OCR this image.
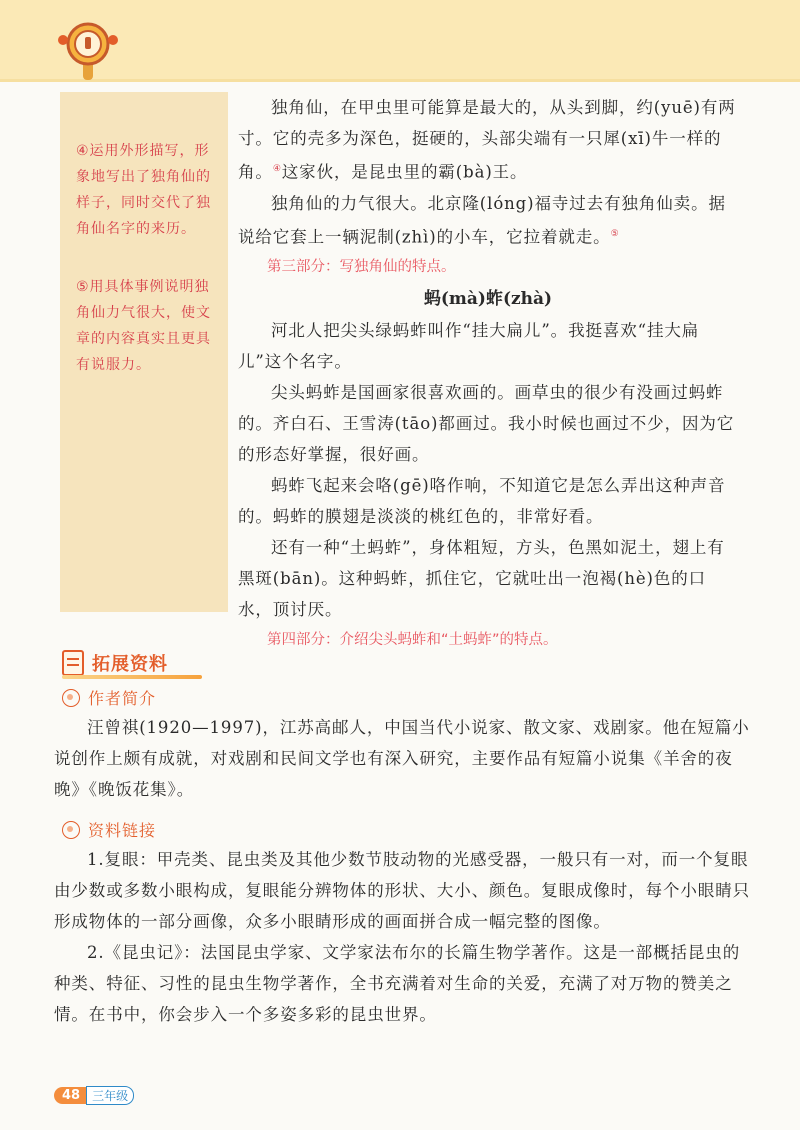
④运用外形描写，形象地写出了独角仙的样子，同时交代了独角仙名字的来历。
⑤用具体事例说明独角仙力气很大，使文章的内容真实且更具有说服力。

独角仙，在甲虫里可能算是最大的，从头到脚，约(yuē)有两寸。它的壳多为深色，挺硬的，头部尖端有一只犀(xī)牛一样的角。④这家伙，是昆虫里的霸(bà)王。

独角仙的力气很大。北京隆(lóng)福寺过去有独角仙卖。据说给它套上一辆泥制(zhì)的小车，它拉着就走。⑤

第三部分：写独角仙的特点。

蚂(mà)蚱(zhà)

河北人把尖头绿蚂蚱叫作“挂大扁儿”。我挺喜欢“挂大扁儿”这个名字。

尖头蚂蚱是国画家很喜欢画的。画草虫的很少有没画过蚂蚱的。齐白石、王雪涛(tāo)都画过。我小时候也画过不少，因为它的形态好掌握，很好画。

蚂蚱飞起来会咯(gē)咯作响，不知道它是怎么弄出这种声音的。蚂蚱的膜翅是淡淡的桃红色的，非常好看。

还有一种“土蚂蚱”，身体粗短，方头，色黑如泥土，翅上有黑斑(bān)。这种蚂蚱，抓住它，它就吐出一泡褐(hè)色的口水，顶讨厌。

第四部分：介绍尖头蚂蚱和“土蚂蚱”的特点。

拓展资料
作者简介

汪曾祺(1920—1997)，江苏高邮人，中国当代小说家、散文家、戏剧家。他在短篇小说创作上颇有成就，对戏剧和民间文学也有深入研究，主要作品有短篇小说集《羊舍的夜晚》《晚饭花集》。

资料链接

1.复眼：甲壳类、昆虫类及其他少数节肢动物的光感受器，一般只有一对，而一个复眼由少数或多数小眼构成，复眼能分辨物体的形状、大小、颜色。复眼成像时，每个小眼睛只形成物体的一部分画像，众多小眼睛形成的画面拼合成一幅完整的图像。

2.《昆虫记》：法国昆虫学家、文学家法布尔的长篇生物学著作。这是一部概括昆虫的种类、特征、习性的昆虫生物学著作，全书充满着对生命的关爱，充满了对万物的赞美之情。在书中，你会步入一个多姿多彩的昆虫世界。

48	三年级
